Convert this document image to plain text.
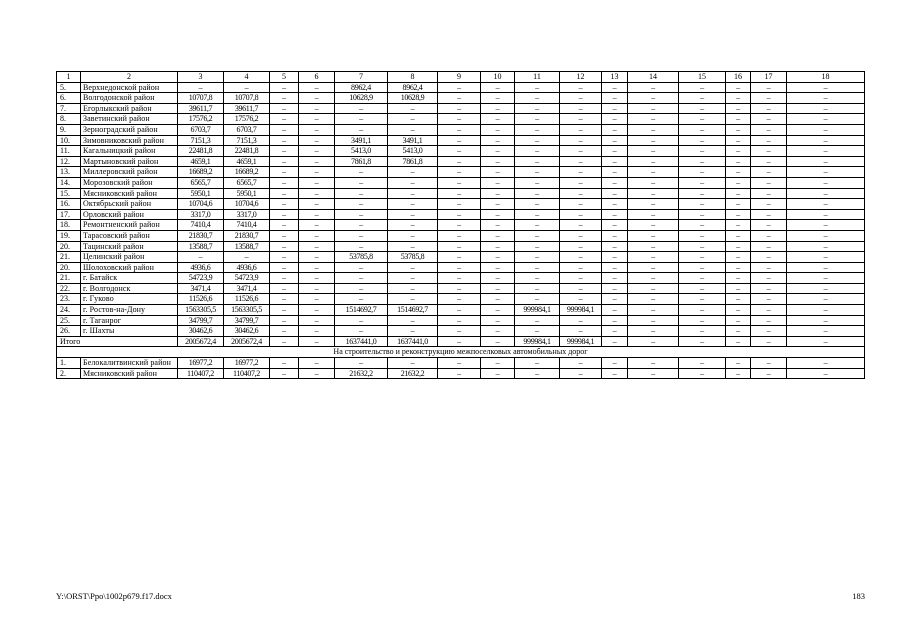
1	2	3	4	5	6	7	8	9	10	11	12	13	14	15	16	17	18
5.	Верхнедонской район	–	–	–	–	8962,4	8962,4	–	–	–	–	–	–	–	–	–	–
6.	Волгодонской район	10707,8	10707,8	–	–	10628,9	10628,9	–	–	–	–	–	–	–	–	–	–
7.	Егорлыкский район	39611,7	39611,7	–	–	–	–	–	–	–	–	–	–	–	–	–	–
8.	Заветинский район	17576,2	17576,2	–	–	–	–	–	–	–	–	–	–	–	–	–	–
9.	Зерноградский район	6703,7	6703,7	–	–	–	–	–	–	–	–	–	–	–	–	–	–
10.	Зимовниковский район	7151,3	7151,3	–	–	3491,1	3491,1	–	–	–	–	–	–	–	–	–	–
11.	Кагальницкий район	22481,8	22481,8	–	–	5413,0	5413,0	–	–	–	–	–	–	–	–	–	–
12.	Мартыновский район	4659,1	4659,1	–	–	7861,8	7861,8	–	–	–	–	–	–	–	–	–	–
13.	Миллеровский район	16689,2	16689,2	–	–	–	–	–	–	–	–	–	–	–	–	–	–
14.	Морозовский район	6565,7	6565,7	–	–	–	–	–	–	–	–	–	–	–	–	–	–
15.	Мясниковский район	5950,1	5950,1	–	–	–	–	–	–	–	–	–	–	–	–	–	–
16.	Октябрьский район	10704,6	10704,6	–	–	–	–	–	–	–	–	–	–	–	–	–	–
17.	Орловский район	3317,0	3317,0	–	–	–	–	–	–	–	–	–	–	–	–	–	–
18.	Ремонтненский район	7410,4	7410,4	–	–	–	–	–	–	–	–	–	–	–	–	–	–
19.	Тарасовский район	21830,7	21830,7	–	–	–	–	–	–	–	–	–	–	–	–	–	–
20.	Тацинский район	13588,7	13588,7	–	–	–	–	–	–	–	–	–	–	–	–	–	–
21.	Целинский район	–	–	–	–	53785,8	53785,8	–	–	–	–	–	–	–	–	–	–
20.	Шолоховский район	4936,6	4936,6	–	–	–	–	–	–	–	–	–	–	–	–	–	–
21.	г. Батайск	54723,9	54723,9	–	–	–	–	–	–	–	–	–	–	–	–	–	–
22.	г. Волгодонск	3471,4	3471,4	–	–	–	–	–	–	–	–	–	–	–	–	–	–
23.	г. Гуково	11526,6	11526,6	–	–	–	–	–	–	–	–	–	–	–	–	–	–
24.	г. Ростов-на-Дону	1563305,5	1563305,5	–	–	1514692,7	1514692,7	–	–	999984,1	999984,1	–	–	–	–	–	–
25.	г. Таганрог	34799,7	34799,7	–	–	–	–	–	–	–	–	–	–	–	–	–	–
26.	г. Шахты	30462,6	30462,6	–	–	–	–	–	–	–	–	–	–	–	–	–	–
Итого		2005672,4	2005672,4	–	–	1637441,0	1637441,0	–	–	999984,1	999984,1	–	–	–	–	–	–
На строительство и реконструкцию межпоселковых автомобильных дорог																	
1.	Белокалитвинский район	16977,2	16977,2	–	–	–	–	–	–	–	–	–	–	–	–	–	–
2.	Мясниковский район	110407,2	110407,2	–	–	21632,2	21632,2	–	–	–	–	–	–	–	–	–	–
Y:\ORST\Ppo\1002p679.f17.docx	183
